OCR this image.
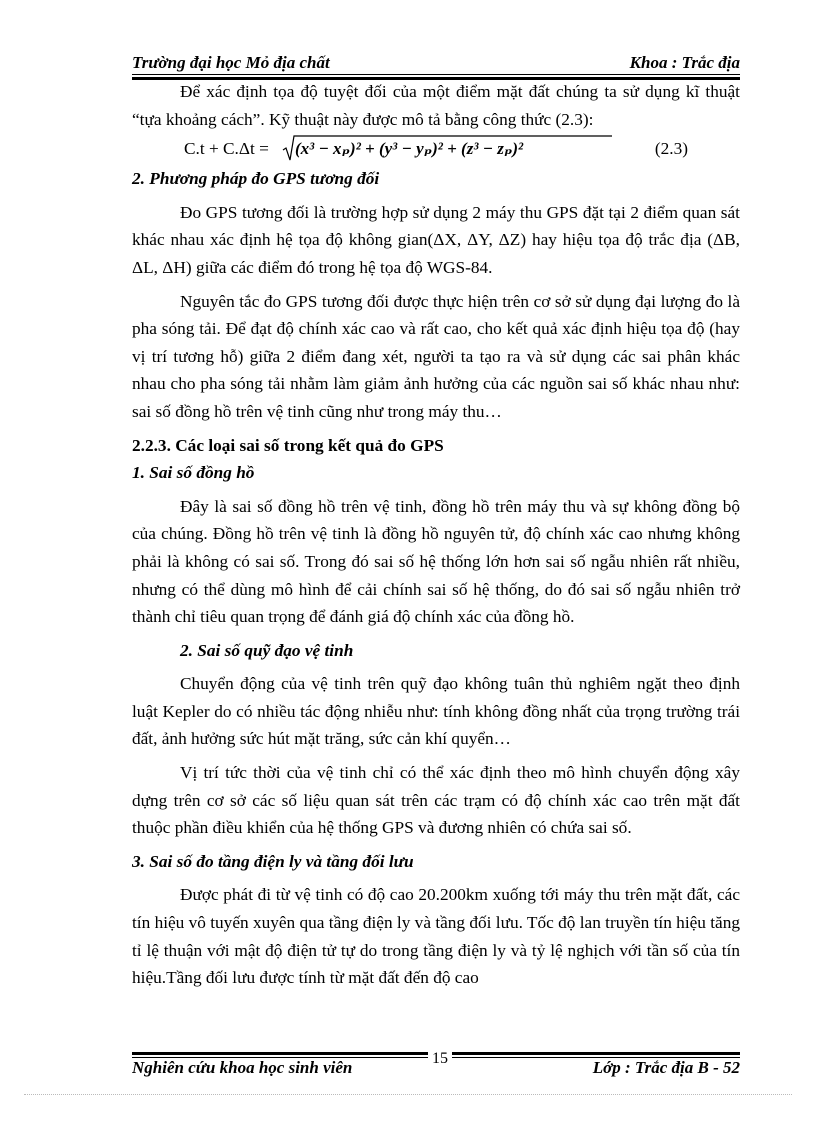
Trường đại học Mỏ địa chất	Khoa : Trắc địa

Để xác định tọa độ tuyệt đối của một điểm mặt đất chúng ta sử dụng kĩ thuật “tựa khoảng cách”. Kỹ thuật này được mô tả bằng công thức (2.3):

C.t + C.Δt = (x³ − xₚ)² + (y³ − yₚ)² + (z³ − zₚ)²	(2.3)

2. Phương pháp đo GPS tương đối

Đo GPS tương đối là trường hợp sử dụng 2 máy thu GPS đặt tại 2 điểm quan sát khác nhau xác định hệ tọa độ không gian(ΔX, ΔY, ΔZ) hay hiệu tọa độ trắc địa (ΔB, ΔL, ΔH) giữa các điểm đó trong hệ tọa độ WGS-84.

Nguyên tắc đo GPS tương đối được thực hiện trên cơ sở sử dụng đại lượng đo là pha sóng tải. Để đạt độ chính xác cao và rất cao, cho kết quả xác định hiệu tọa độ (hay vị trí tương hỗ) giữa 2 điểm đang xét, người ta tạo ra và sử dụng các sai phân khác nhau cho pha sóng tải nhằm làm giảm ảnh hưởng của các nguồn sai số khác nhau như: sai số đồng hồ trên vệ tinh cũng như trong máy thu…

2.2.3. Các loại sai số trong kết quả đo GPS

1. Sai số đồng hồ

Đây là sai số đồng hồ trên vệ tinh, đồng hồ trên máy thu và sự không đồng bộ của chúng. Đồng hồ trên vệ tinh là đồng hồ nguyên tử, độ chính xác cao nhưng không phải là không có sai số. Trong đó sai số hệ thống lớn hơn sai số ngẫu nhiên rất nhiều, nhưng có thể dùng mô hình để cải chính sai số hệ thống, do đó sai số ngẫu nhiên trở thành chỉ tiêu quan trọng để đánh giá độ chính xác của đồng hồ.

2. Sai số quỹ đạo vệ tinh

Chuyển động của vệ tinh trên quỹ đạo không tuân thủ nghiêm ngặt theo định luật Kepler do có nhiều tác động nhiễu như: tính không đồng nhất của trọng trường trái đất, ảnh hưởng sức hút mặt trăng, sức cản khí quyển…

Vị trí tức thời của vệ tinh chỉ có thể xác định theo mô hình chuyển động xây dựng trên cơ sở các số liệu quan sát trên các trạm có độ chính xác cao trên mặt đất thuộc phần điều khiển của hệ thống GPS và đương nhiên có chứa sai số.

3. Sai số đo tầng điện ly và tầng đối lưu

Được phát đi từ vệ tinh có độ cao 20.200km xuống tới máy thu trên mặt đất, các tín hiệu vô tuyến xuyên qua tầng điện ly và tầng đối lưu. Tốc độ lan truyền tín hiệu tăng tỉ lệ thuận với mật độ điện tử tự do trong tầng điện ly và tỷ lệ nghịch với tần số của tín hiệu.Tầng đối lưu được tính từ mặt đất đến độ cao

Nghiên cứu khoa học sinh viên	Lớp : Trắc địa B - 52
15
